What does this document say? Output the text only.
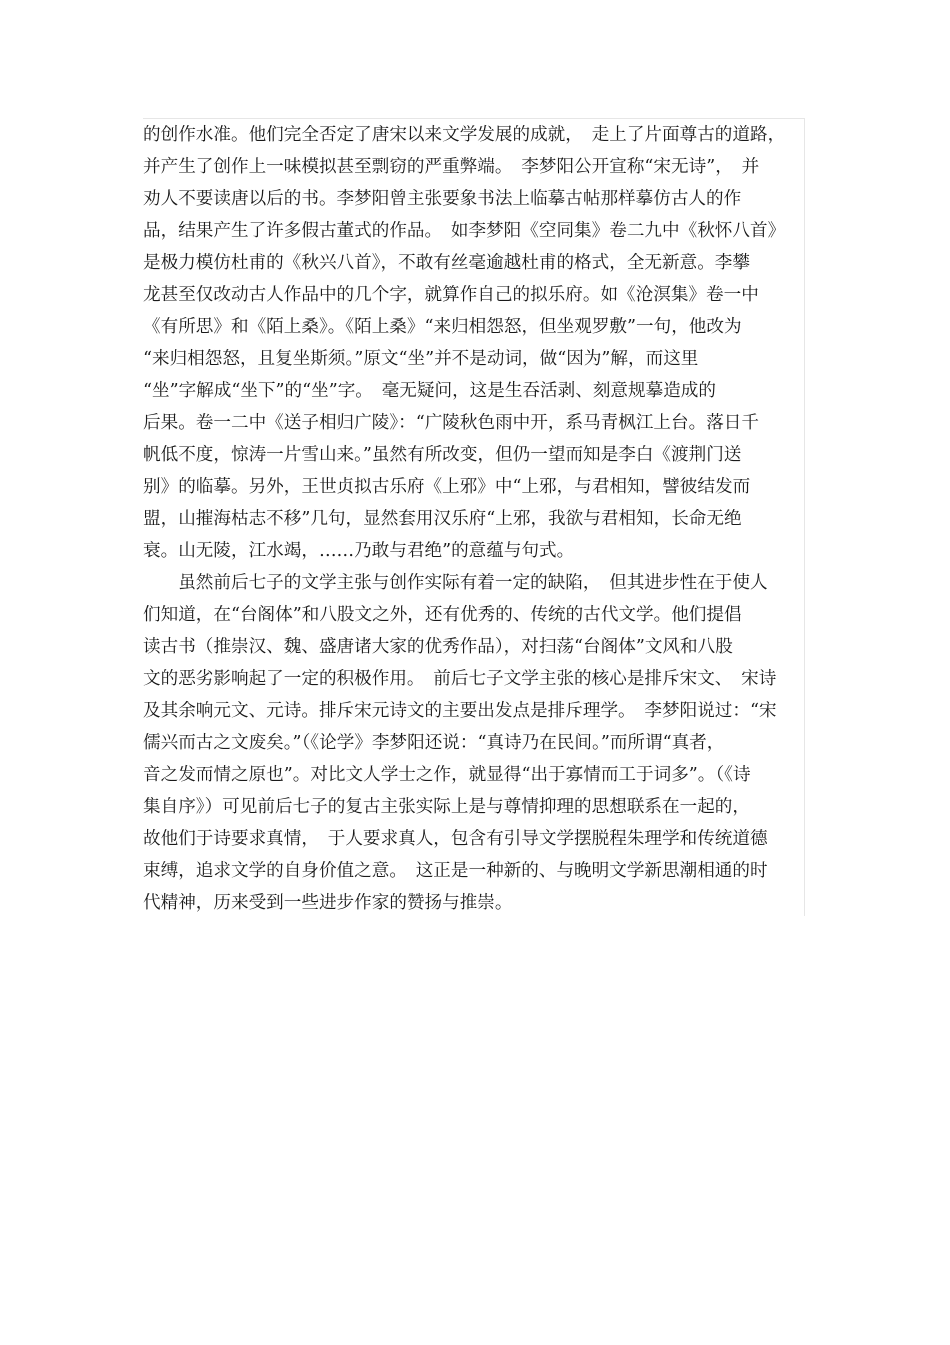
的创作水准。他们完全否定了唐宋以来文学发展的成就，　走上了片面尊古的道路，
并产生了创作上一味模拟甚至剽窃的严重弊端。　李梦阳公开宣称“宋无诗”，　并
劝人不要读唐以后的书。李梦阳曾主张要象书法上临摹古帖那样摹仿古人的作
品，结果产生了许多假古董式的作品。　如李梦阳《空同集》卷二九中《秋怀八首》
是极力模仿杜甫的《秋兴八首》，不敢有丝毫逾越杜甫的格式，全无新意。李攀
龙甚至仅改动古人作品中的几个字，就算作自己的拟乐府。如《沧溟集》卷一中
《有所思》和《陌上桑》。《陌上桑》“来归相怨怒，但坐观罗敷”一句，他改为
“来归相怨怒，且复坐斯须。”原文“坐”并不是动词，做“因为”解，而这里
“坐”字解成“坐下”的“坐”字。　毫无疑问，这是生吞活剥、刻意规摹造成的
后果。卷一二中《送子相归广陵》：“广陵秋色雨中开，系马青枫江上台。落日千
帆低不度，惊涛一片雪山来。”虽然有所改变，但仍一望而知是李白《渡荆门送
别》的临摹。另外，王世贞拟古乐府《上邪》中“上邪，与君相知，譬彼结发而
盟，山摧海枯志不移”几句，显然套用汉乐府“上邪，我欲与君相知，长命无绝
衰。山无陵，江水竭，……乃敢与君绝”的意蕴与句式。
　　虽然前后七子的文学主张与创作实际有着一定的缺陷，　但其进步性在于使人
们知道，在“台阁体”和八股文之外，还有优秀的、传统的古代文学。他们提倡
读古书（推崇汉、魏、盛唐诸大家的优秀作品），对扫荡“台阁体”文风和八股
文的恶劣影响起了一定的积极作用。　前后七子文学主张的核心是排斥宋文、　宋诗
及其余响元文、元诗。排斥宋元诗文的主要出发点是排斥理学。　李梦阳说过：“宋
儒兴而古之文废矣。”（《论学》李梦阳还说：“真诗乃在民间。”而所谓“真者，
音之发而情之原也”。对比文人学士之作，就显得“出于寡情而工于词多”。（《诗
集自序》）可见前后七子的复古主张实际上是与尊情抑理的思想联系在一起的，
故他们于诗要求真情，　于人要求真人，包含有引导文学摆脱程朱理学和传统道德
束缚，追求文学的自身价值之意。　这正是一种新的、与晚明文学新思潮相通的时
代精神，历来受到一些进步作家的赞扬与推崇。
